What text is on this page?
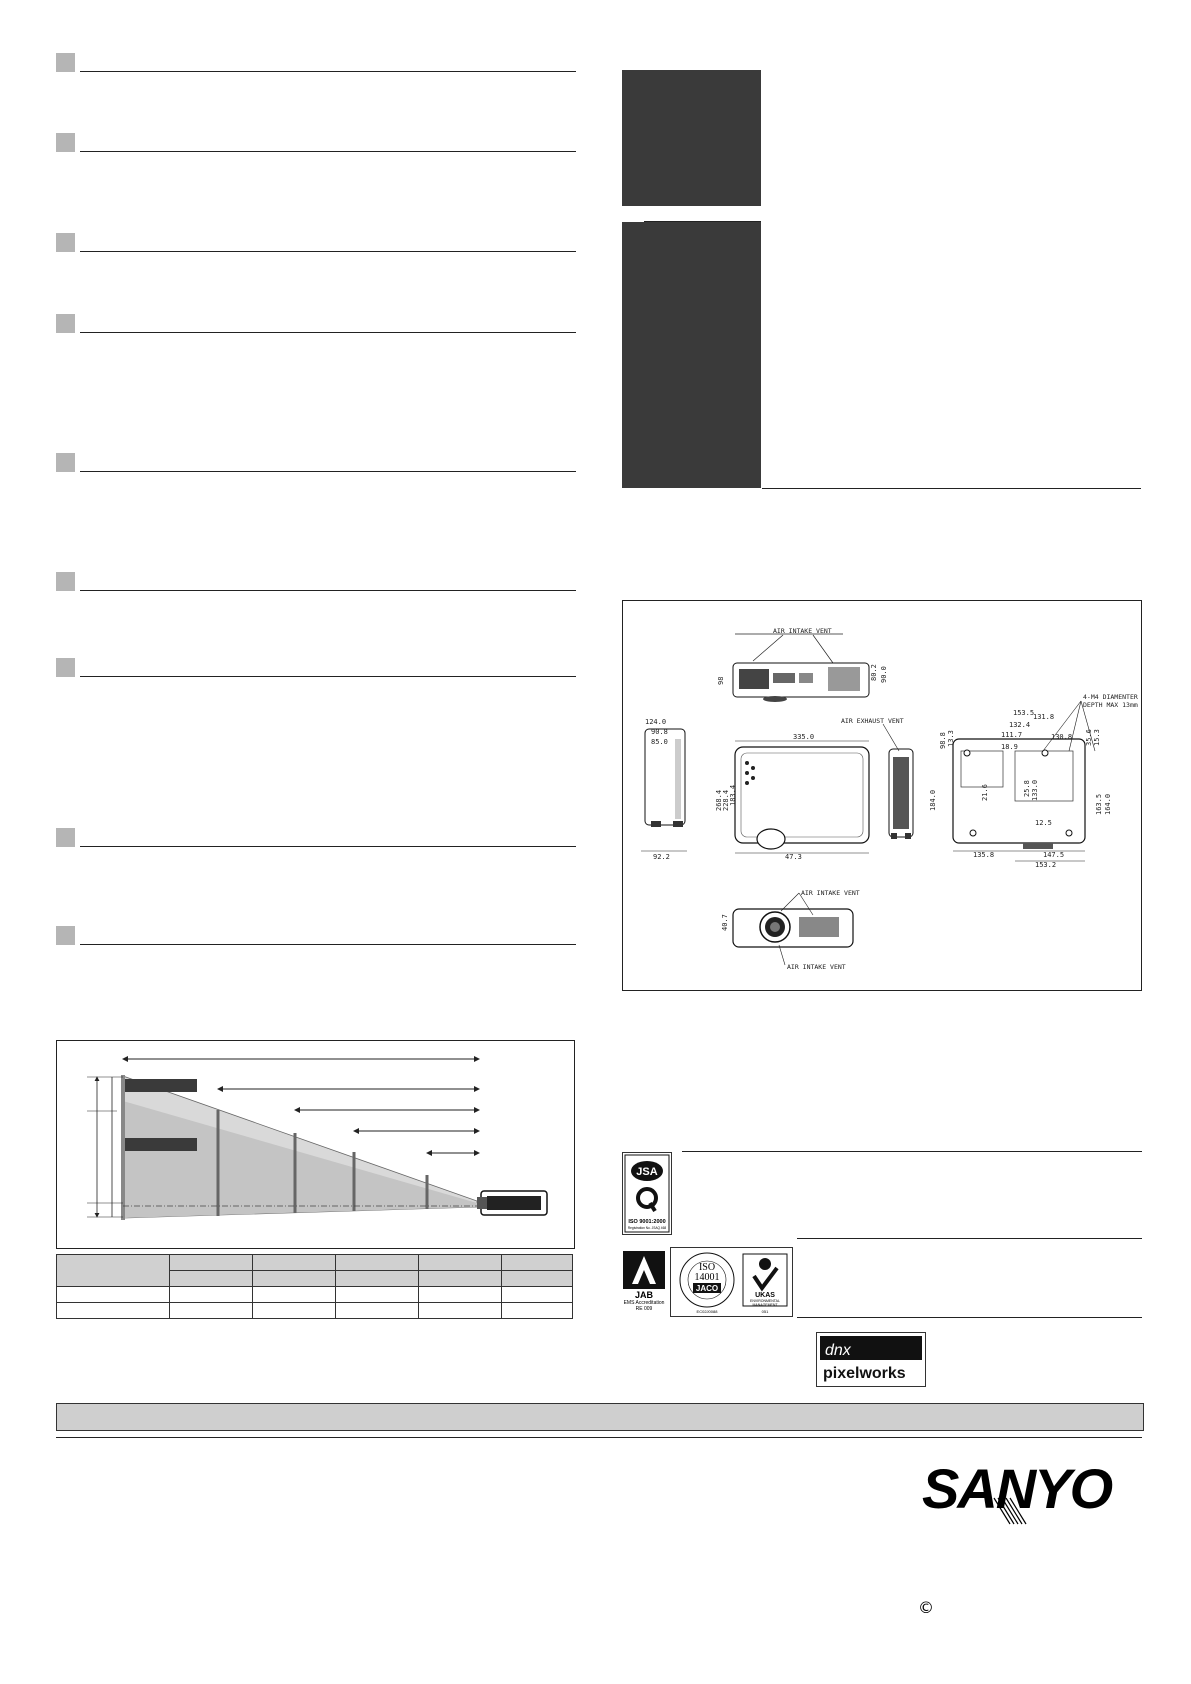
AIR INTAKE VENT
98	80.2 90.0
124.0
90.8
85.0
92.2
335.0
268.4 228.4 183.4
47.3
AIR EXHAUST VENT
4-M4 DIAMENTER
DEPTH MAX 13mm
153.5
132.4
111.7
131.8
18.9
130.8
98.8 13.3	15.3
35.6
184.0	21.6	25.8 133.0
12.5
163.5 164.0
135.8	147.5
153.2
40.7
AIR INTAKE VENT
AIR INTAKE VENT
JSA
ISO 9001:2000
Registration No. JSAQ 468
JAB
EMS Accreditation
RE 009
ISO
14001
JACO
EC02J0088
UKAS
ENVIRONMENTAL
MANAGEMENT
051
dnx
pixelworks
SANYO
©
